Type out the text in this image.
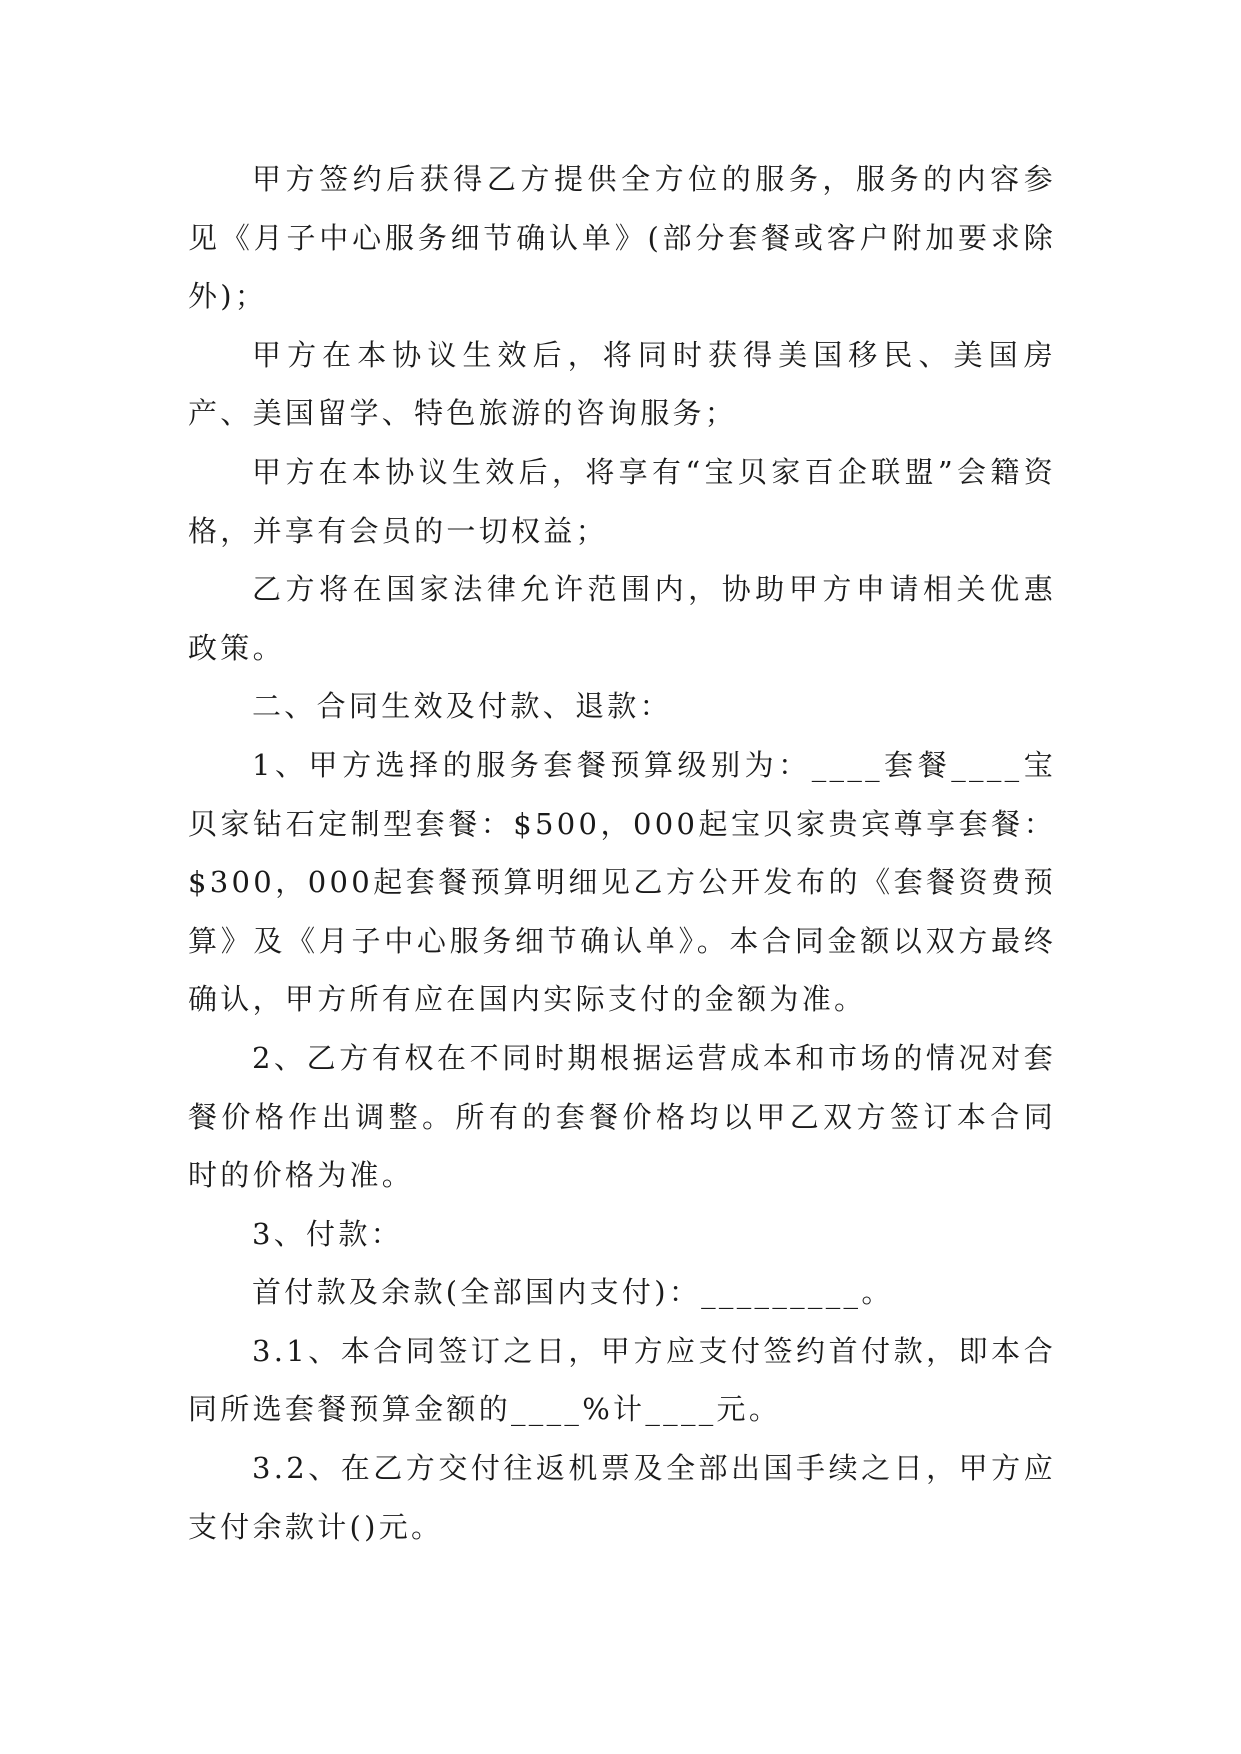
甲方签约后获得乙方提供全方位的服务，服务的内容参见《月子中心服务细节确认单》(部分套餐或客户附加要求除外)；

甲方在本协议生效后，将同时获得美国移民、美国房产、美国留学、特色旅游的咨询服务；

甲方在本协议生效后，将享有“宝贝家百企联盟”会籍资格，并享有会员的一切权益；

乙方将在国家法律允许范围内，协助甲方申请相关优惠政策。

二、合同生效及付款、退款：

1、甲方选择的服务套餐预算级别为：____套餐____宝贝家钻石定制型套餐：$500，000起宝贝家贵宾尊享套餐：$300，000起套餐预算明细见乙方公开发布的《套餐资费预算》及《月子中心服务细节确认单》。本合同金额以双方最终确认，甲方所有应在国内实际支付的金额为准。

2、乙方有权在不同时期根据运营成本和市场的情况对套餐价格作出调整。所有的套餐价格均以甲乙双方签订本合同时的价格为准。

3、付款：

首付款及余款(全部国内支付)：_________。

3.1、本合同签订之日，甲方应支付签约首付款，即本合同所选套餐预算金额的____%计____元。

3.2、在乙方交付往返机票及全部出国手续之日，甲方应支付余款计()元。
